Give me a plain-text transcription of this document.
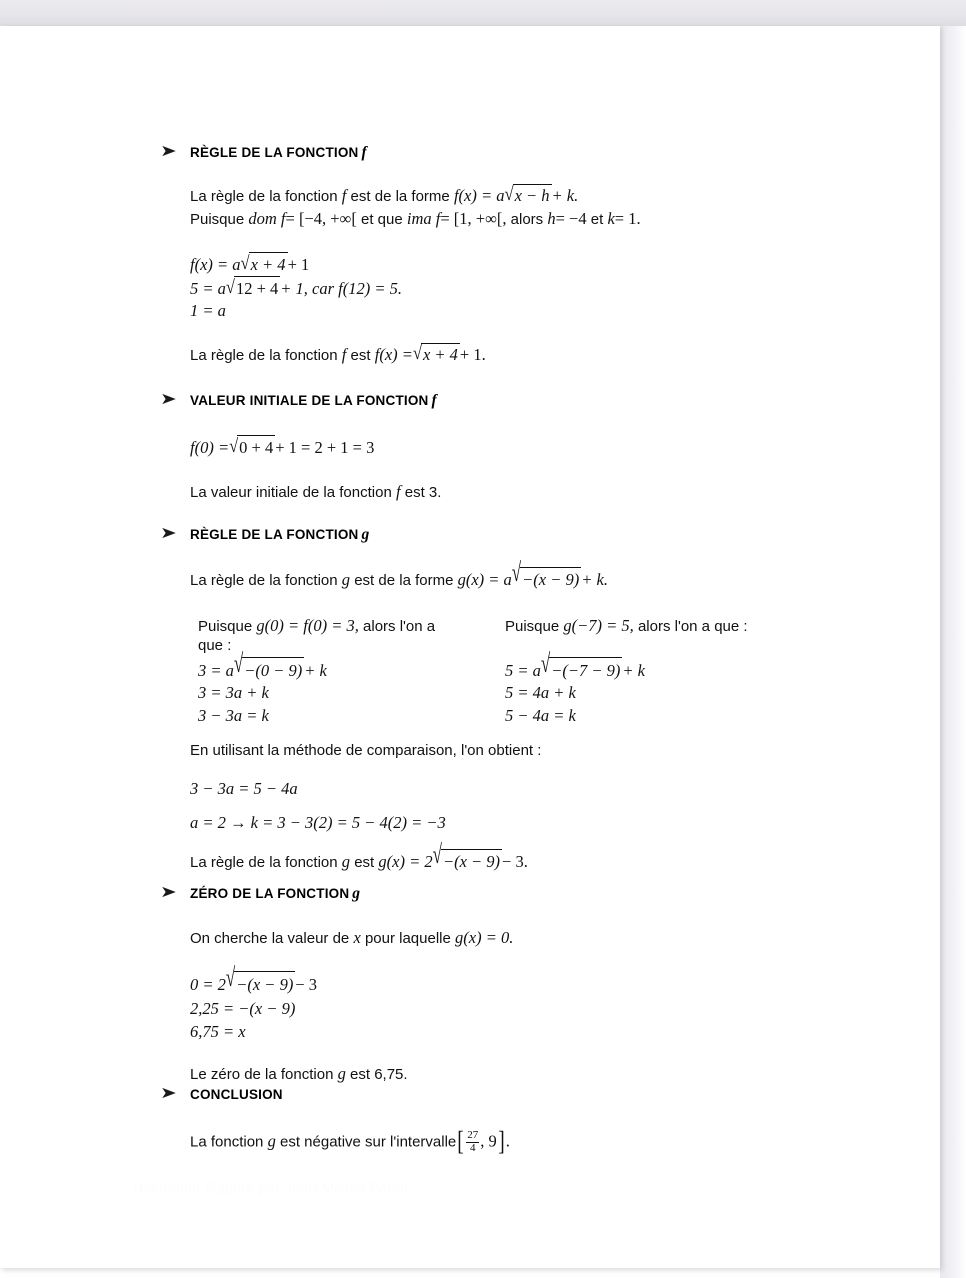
➤ RÈGLE DE LA FONCTION f
La règle de la fonction f est de la forme f(x) = a√x − h + k.
Puisque dom f= [−4, +∞[ et que ima f= [1, +∞[, alors h= −4 et k= 1.
f(x) = a√x + 4 + 1
5 = a√12 + 4 + 1, car f(12) = 5.
1 = a
La règle de la fonction f est f(x) =√x + 4 + 1.
➤ VALEUR INITIALE DE LA FONCTION f
f(0) =√0 + 4 + 1 = 2 + 1 = 3
La valeur initiale de la fonction f est 3.
➤ RÈGLE DE LA FONCTION g
La règle de la fonction g est de la forme g(x) = a√−(x − 9) + k.
Puisque g(0) = f(0) = 3, alors l'on a
que :
3 = a√−(0 − 9) + k
3 = 3a + k
3 − 3a = k
Puisque g(−7) = 5, alors l'on a que :
5 = a√−(−7 − 9) + k
5 = 4a + k
5 − 4a = k
En utilisant la méthode de comparaison, l'on obtient :
3 − 3a = 5 − 4a
a = 2 → k = 3 − 3(2) = 5 − 4(2) = −3
La règle de la fonction g est g(x) = 2√−(x − 9) − 3.
➤ ZÉRO DE LA FONCTION g
On cherche la valeur de x pour laquelle g(x) = 0.
0 = 2√−(x − 9) − 3
2,25 = −(x − 9)
6,75 = x
Le zéro de la fonction g est 6,75.
➤ CONCLUSION
La fonction g est négative sur l'intervalle[ $\frac{27}{4}$ , 9].
Document élaboré par Jean-Michel Panet
